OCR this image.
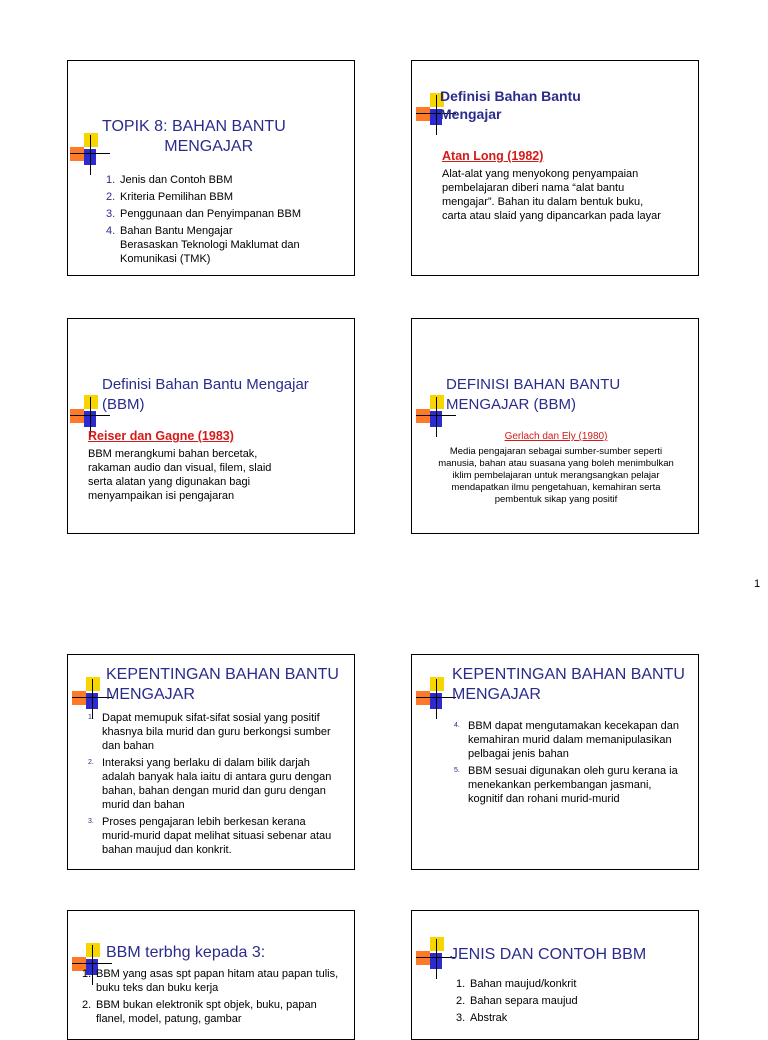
TOPIK 8: BAHAN BANTU
MENGAJAR
1. Jenis dan Contoh BBM
2. Kriteria Pemilihan BBM
3. Penggunaan dan Penyimpanan BBM
4. Bahan Bantu Mengajar
Berasaskan Teknologi Maklumat dan Komunikasi (TMK)
Definisi Bahan Bantu Mengajar
Atan Long (1982)
Alat-alat yang menyokong penyampaian pembelajaran diberi nama “alat bantu mengajar”. Bahan itu dalam bentuk buku, carta atau slaid yang dipancarkan pada layar
Definisi Bahan Bantu Mengajar (BBM)
Reiser dan Gagne (1983)
BBM merangkumi bahan bercetak, rakaman audio dan visual, filem, slaid serta alatan yang digunakan bagi menyampaikan isi pengajaran
DEFINISI BAHAN BANTU MENGAJAR (BBM)
Gerlach dan Ely (1980)
Media pengajaran sebagai sumber-sumber seperti manusia, bahan atau suasana yang boleh menimbulkan iklim pembelajaran untuk merangsangkan pelajar mendapatkan ilmu pengetahuan, kemahiran serta pembentuk sikap yang positif
1
KEPENTINGAN BAHAN BANTU MENGAJAR
1. Dapat memupuk sifat-sifat sosial yang positif khasnya bila murid dan guru berkongsi sumber dan bahan
2. Interaksi yang berlaku di dalam bilik darjah adalah banyak hala iaitu di antara guru dengan bahan, bahan dengan murid dan guru dengan murid dan bahan
3. Proses pengajaran lebih berkesan kerana murid-murid dapat melihat situasi sebenar atau bahan maujud dan konkrit.
KEPENTINGAN BAHAN BANTU MENGAJAR
4. BBM dapat mengutamakan kecekapan dan kemahiran murid dalam memanipulasikan pelbagai jenis bahan
5. BBM sesuai digunakan oleh guru kerana ia menekankan perkembangan jasmani, kognitif dan rohani murid-murid
BBM terbhg kepada 3:
1. BBM yang asas spt papan hitam atau papan tulis, buku teks dan buku kerja
2. BBM bukan elektronik spt objek, buku, papan flanel, model, patung, gambar
JENIS DAN CONTOH BBM
1. Bahan maujud/konkrit
2. Bahan separa maujud
3. Abstrak
